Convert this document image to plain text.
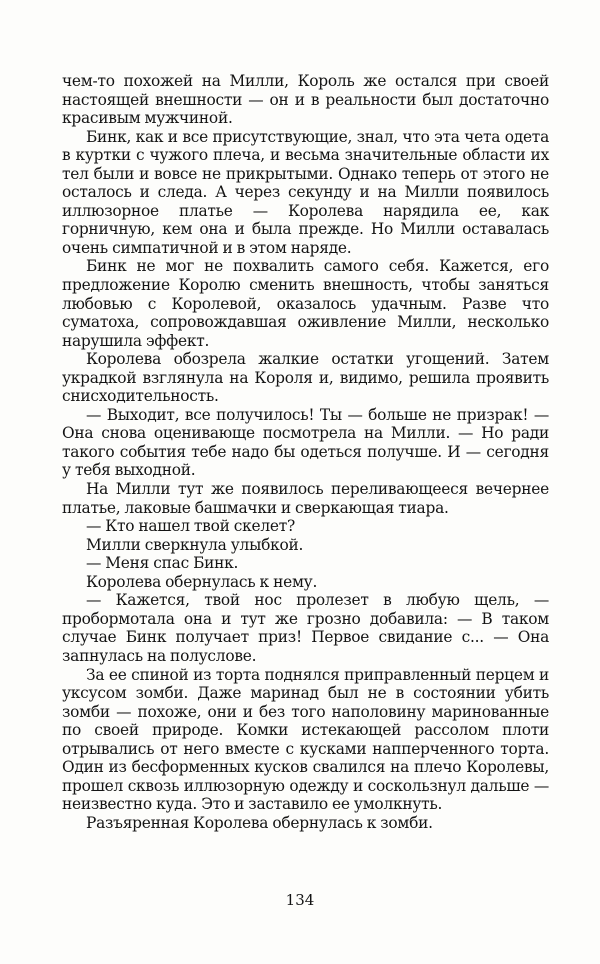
чем-то похожей на Милли, Король же остался при своей настоящей внешности — он и в реальности был достаточно красивым мужчиной.

Бинк, как и все присутствующие, знал, что эта чета одета в куртки с чужого плеча, и весьма значительные области их тел были и вовсе не прикрытыми. Однако теперь от этого не осталось и следа. А через секунду и на Милли появилось иллюзорное платье — Королева нарядила ее, как горничную, кем она и была прежде. Но Милли оставалась очень симпатичной и в этом наряде.

Бинк не мог не похвалить самого себя. Кажется, его предложение Королю сменить внешность, чтобы заняться любовью с Королевой, оказалось удачным. Разве что суматоха, сопровождавшая оживление Милли, несколько нарушила эффект.

Королева обозрела жалкие остатки угощений. Затем украдкой взглянула на Короля и, видимо, решила проявить снисходительность.

— Выходит, все получилось! Ты — больше не призрак! — Она снова оценивающе посмотрела на Милли. — Но ради такого события тебе надо бы одеться получше. И — сегодня у тебя выходной.

На Милли тут же появилось переливающееся вечернее платье, лаковые башмачки и сверкающая тиара.

— Кто нашел твой скелет?

Милли сверкнула улыбкой.

— Меня спас Бинк.

Королева обернулась к нему.

— Кажется, твой нос пролезет в любую щель, — пробормотала она и тут же грозно добавила: — В таком случае Бинк получает приз! Первое свидание с... — Она запнулась на полуслове.

За ее спиной из торта поднялся приправленный перцем и уксусом зомби. Даже маринад был не в состоянии убить зомби — похоже, они и без того наполовину маринованные по своей природе. Комки истекающей рассолом плоти отрывались от него вместе с кусками напперченного торта. Один из бесформенных кусков свалился на плечо Королевы, прошел сквозь иллюзорную одежду и соскользнул дальше — неизвестно куда. Это и заставило ее умолкнуть.

Разъяренная Королева обернулась к зомби.

134
